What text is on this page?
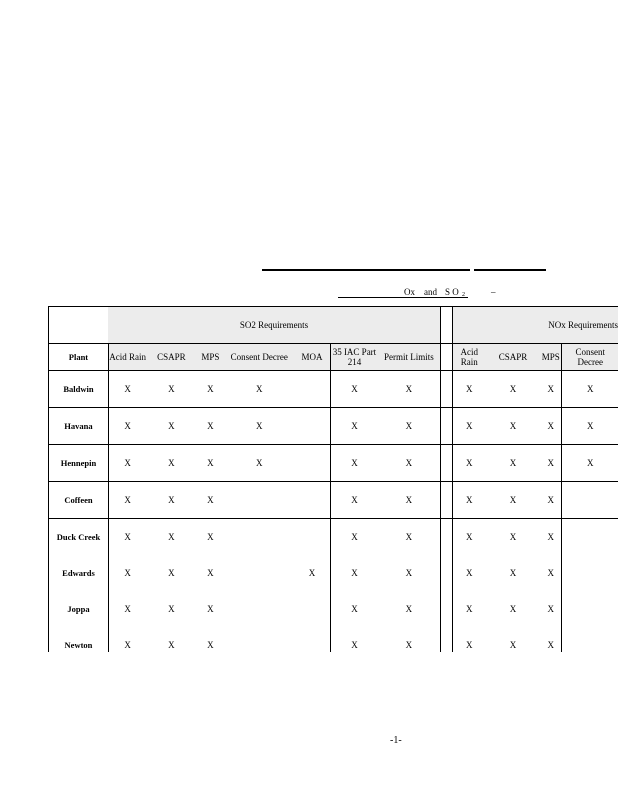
Ox and S O 2	–
	SO2 Requirements								NOx Requirements			
Plant	Acid Rain	CSAPR	MPS	Consent Decree	MOA	35 IAC Part 214	Permit Limits		Acid Rain	CSAPR	MPS	Consent Decree
Baldwin	X	X	X	X		X	X		X	X	X	X
Havana	X	X	X	X		X	X		X	X	X	X
Hennepin	X	X	X	X		X	X		X	X	X	X
Coffeen	X	X	X			X	X		X	X	X	
Duck Creek	X	X	X			X	X		X	X	X	
Edwards	X	X	X		X	X	X		X	X	X	
Joppa	X	X	X			X	X		X	X	X	
Newton	X	X	X			X	X		X	X	X	
-1-
